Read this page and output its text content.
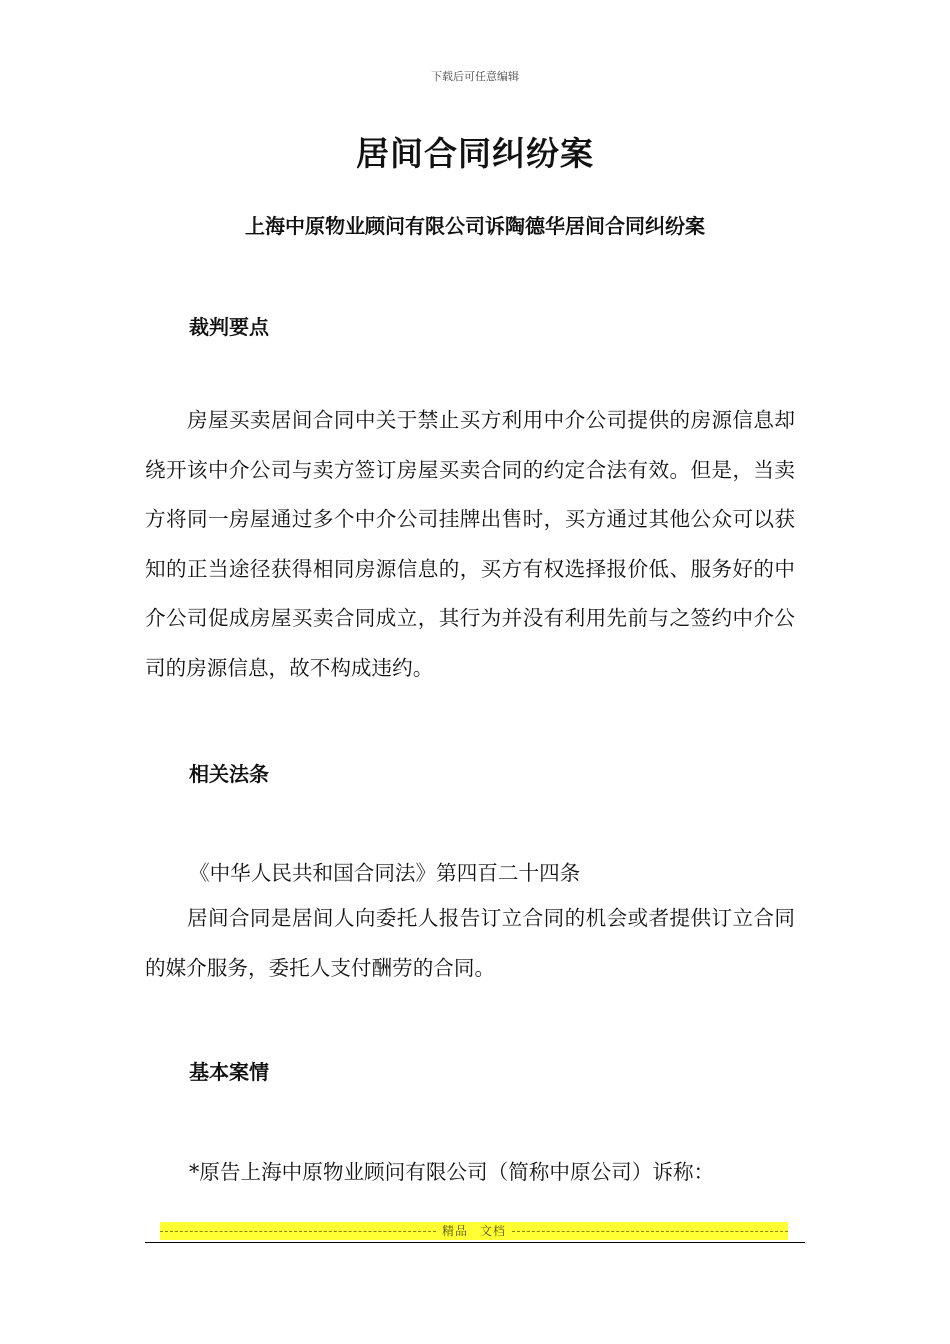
下载后可任意编辑
居间合同纠纷案
上海中原物业顾问有限公司诉陶德华居间合同纠纷案
裁判要点

房屋买卖居间合同中关于禁止买方利用中介公司提供的房源信息却绕开该中介公司与卖方签订房屋买卖合同的约定合法有效。但是，当卖方将同一房屋通过多个中介公司挂牌出售时，买方通过其他公众可以获知的正当途径获得相同房源信息的，买方有权选择报价低、服务好的中介公司促成房屋买卖合同成立，其行为并没有利用先前与之签约中介公司的房源信息，故不构成违约。

相关法条

《中华人民共和国合同法》第四百二十四条

居间合同是居间人向委托人报告订立合同的机会或者提供订立合同的媒介服务，委托人支付酬劳的合同。

基本案情

*原告上海中原物业顾问有限公司（简称中原公司）诉称：

精品	文档
